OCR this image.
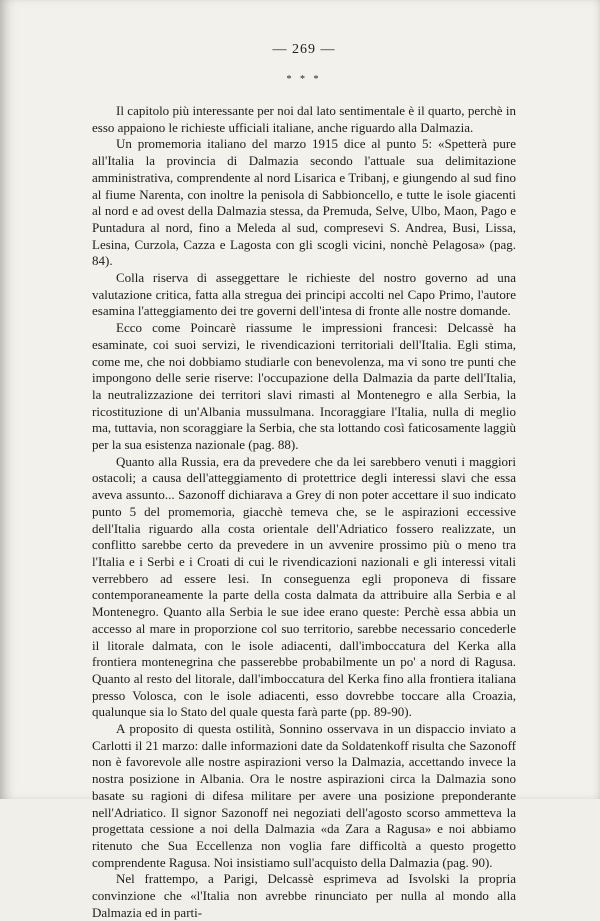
— 269 —
* * *

Il capitolo più interessante per noi dal lato sentimentale è il quarto, perchè in esso appaiono le richieste ufficiali italiane, anche riguardo alla Dalmazia.

Un promemoria italiano del marzo 1915 dice al punto 5: «Spetterà pure all'Italia la provincia di Dalmazia secondo l'attuale sua delimitazione amministrativa, comprendente al nord Lisarica e Tribanj, e giungendo al sud fino al fiume Narenta, con inoltre la penisola di Sabbioncello, e tutte le isole giacenti al nord e ad ovest della Dalmazia stessa, da Premuda, Selve, Ulbo, Maon, Pago e Puntadura al nord, fino a Meleda al sud, compresevi S. Andrea, Busi, Lissa, Lesina, Curzola, Cazza e Lagosta con gli scogli vicini, nonchè Pelagosa» (pag. 84).

Colla riserva di asseggettare le richieste del nostro governo ad una valutazione critica, fatta alla stregua dei principi accolti nel Capo Primo, l'autore esamina l'atteggiamento dei tre governi dell'intesa di fronte alle nostre domande.

Ecco come Poincarè riassume le impressioni francesi: Delcassè ha esaminate, coi suoi servizi, le rivendicazioni territoriali dell'Italia. Egli stima, come me, che noi dobbiamo studiarle con benevolenza, ma vi sono tre punti che impongono delle serie riserve: l'occupazione della Dalmazia da parte dell'Italia, la neutralizzazione dei territori slavi rimasti al Montenegro e alla Serbia, la ricostituzione di un'Albania mussulmana. Incoraggiare l'Italia, nulla di meglio ma, tuttavia, non scoraggiare la Serbia, che sta lottando così faticosamente laggiù per la sua esistenza nazionale (pag. 88).

Quanto alla Russia, era da prevedere che da lei sarebbero venuti i maggiori ostacoli; a causa dell'atteggiamento di protettrice degli interessi slavi che essa aveva assunto... Sazonoff dichiarava a Grey di non poter accettare il suo indicato punto 5 del promemoria, giacchè temeva che, se le aspirazioni eccessive dell'Italia riguardo alla costa orientale dell'Adriatico fossero realizzate, un conflitto sarebbe certo da prevedere in un avvenire prossimo più o meno tra l'Italia e i Serbi e i Croati di cui le rivendicazioni nazionali e gli interessi vitali verrebbero ad essere lesi. In conseguenza egli proponeva di fissare contemporaneamente la parte della costa dalmata da attribuire alla Serbia e al Montenegro. Quanto alla Serbia le sue idee erano queste: Perchè essa abbia un accesso al mare in proporzione col suo territorio, sarebbe necessario concederle il litorale dalmata, con le isole adiacenti, dall'imboccatura del Kerka alla frontiera montenegrina che passerebbe probabilmente un po' a nord di Ragusa. Quanto al resto del litorale, dall'imboccatura del Kerka fino alla frontiera italiana presso Volosca, con le isole adiacenti, esso dovrebbe toccare alla Croazia, qualunque sia lo Stato del quale questa farà parte (pp. 89-90).

A proposito di questa ostilità, Sonnino osservava in un dispaccio inviato a Carlotti il 21 marzo: dalle informazioni date da Soldatenkoff risulta che Sazonoff non è favorevole alle nostre aspirazioni verso la Dalmazia, accettando invece la nostra posizione in Albania. Ora le nostre aspirazioni circa la Dalmazia sono basate su ragioni di difesa militare per avere una posizione preponderante nell'Adriatico. Il signor Sazonoff nei negoziati dell'agosto scorso ammetteva la progettata cessione a noi della Dalmazia «da Zara a Ragusa» e noi abbiamo ritenuto che Sua Eccellenza non voglia fare difficoltà a questo progetto comprendente Ragusa. Noi insistiamo sull'acquisto della Dalmazia (pag. 90).

Nel frattempo, a Parigi, Delcassè esprimeva ad Isvolski la propria convinzione che «l'Italia non avrebbe rinunciato per nulla al mondo alla Dalmazia ed in parti-
